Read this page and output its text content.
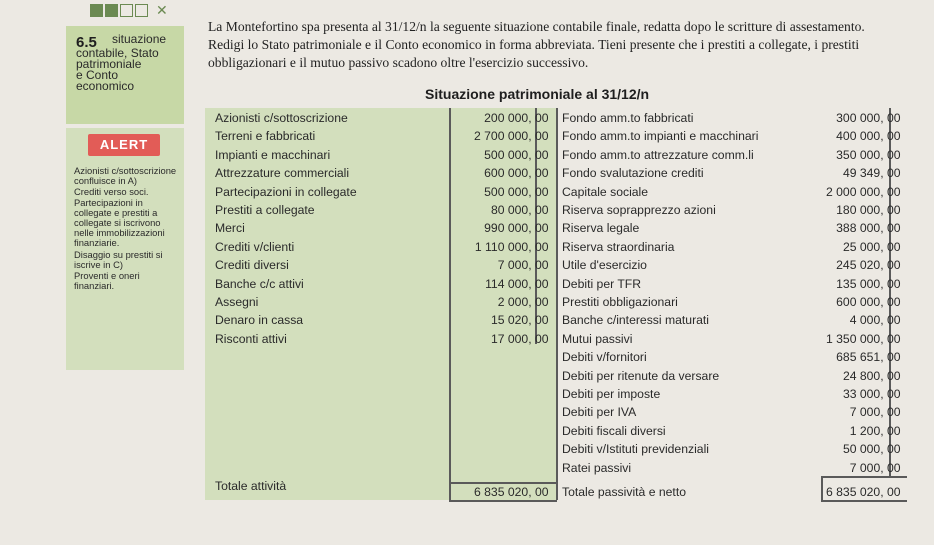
✕
6.5	situazione
contabile, Stato
patrimoniale
e Conto
economico
La Montefortino spa presenta al 31/12/n la seguente situazione contabile finale, redatta dopo le scritture di assestamento. Redigi lo Stato patrimoniale e il Conto economico in forma abbreviata. Tieni presente che i prestiti a collegate, i prestiti obbligazionari e il mutuo passivo scadono oltre l'esercizio successivo.
ALERT

Azionisti c/sottoscrizione confluisce in A)

Crediti verso soci. Partecipazioni in collegate e prestiti a collegate si iscrivono nelle immobilizzazioni finanziarie.

Disaggio su prestiti si iscrive in C)

Proventi e oneri finanziari.

Situazione patrimoniale al 31/12/n
Azionisti c/sottoscrizione	200 000, 00
Terreni e fabbricati	2 700 000, 00
Impianti e macchinari	500 000, 00
Attrezzature commerciali	600 000, 00
Partecipazioni in collegate	500 000, 00
Prestiti a collegate	80 000, 00
Merci	990 000, 00
Crediti v/clienti	1 110 000, 00
Crediti diversi	7 000, 00
Banche c/c attivi	114 000, 00
Assegni	2 000, 00
Denaro in cassa	15 020, 00
Risconti attivi	17 000, 00
Fondo amm.to fabbricati	300 000, 00
Fondo amm.to impianti e macchinari	400 000, 00
Fondo amm.to attrezzature comm.li	350 000, 00
Fondo svalutazione crediti	49 349, 00
Capitale sociale	2 000 000, 00
Riserva soprapprezzo azioni	180 000, 00
Riserva legale	388 000, 00
Riserva straordinaria	25 000, 00
Utile d'esercizio	245 020, 00
Debiti per TFR	135 000, 00
Prestiti obbligazionari	600 000, 00
Banche c/interessi maturati	4 000, 00
Mutui passivi	1 350 000, 00
Debiti v/fornitori	685 651, 00
Debiti per ritenute da versare	24 800, 00
Debiti per imposte	33 000, 00
Debiti per IVA	7 000, 00
Debiti fiscali diversi	1 200, 00
Debiti v/Istituti previdenziali	50 000, 00
Ratei passivi	7 000, 00
Totale attività	6 835 020, 00	Totale passività e netto	6 835 020, 00
